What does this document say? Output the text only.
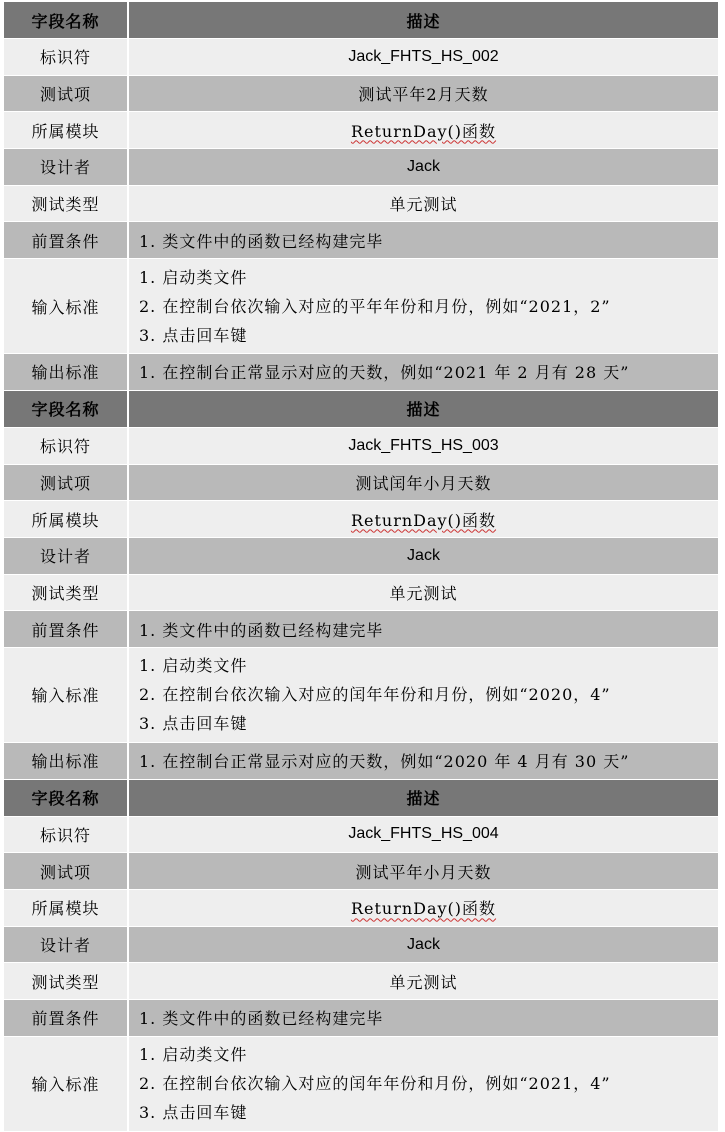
字段名称	描述
标识符	Jack_FHTS_HS_002
测试项	测试平年2月天数
所属模块	ReturnDay()函数
设计者	Jack
测试类型	单元测试
前置条件	1. 类文件中的函数已经构建完毕
输入标准	1. 启动类文件
2. 在控制台依次输入对应的平年年份和月份，例如“2021，2”
3. 点击回车键

输出标准	1. 在控制台正常显示对应的天数，例如“2021 年 2 月有 28 天”
字段名称	描述
标识符	Jack_FHTS_HS_003
测试项	测试闰年小月天数
所属模块	ReturnDay()函数
设计者	Jack
测试类型	单元测试
前置条件	1. 类文件中的函数已经构建完毕
输入标准	1. 启动类文件
2. 在控制台依次输入对应的闰年年份和月份，例如“2020，4”
3. 点击回车键

输出标准	1. 在控制台正常显示对应的天数，例如“2020 年 4 月有 30 天”
字段名称	描述
标识符	Jack_FHTS_HS_004
测试项	测试平年小月天数
所属模块	ReturnDay()函数
设计者	Jack
测试类型	单元测试
前置条件	1. 类文件中的函数已经构建完毕
输入标准	1. 启动类文件
2. 在控制台依次输入对应的闰年年份和月份，例如“2021，4”
3. 点击回车键
